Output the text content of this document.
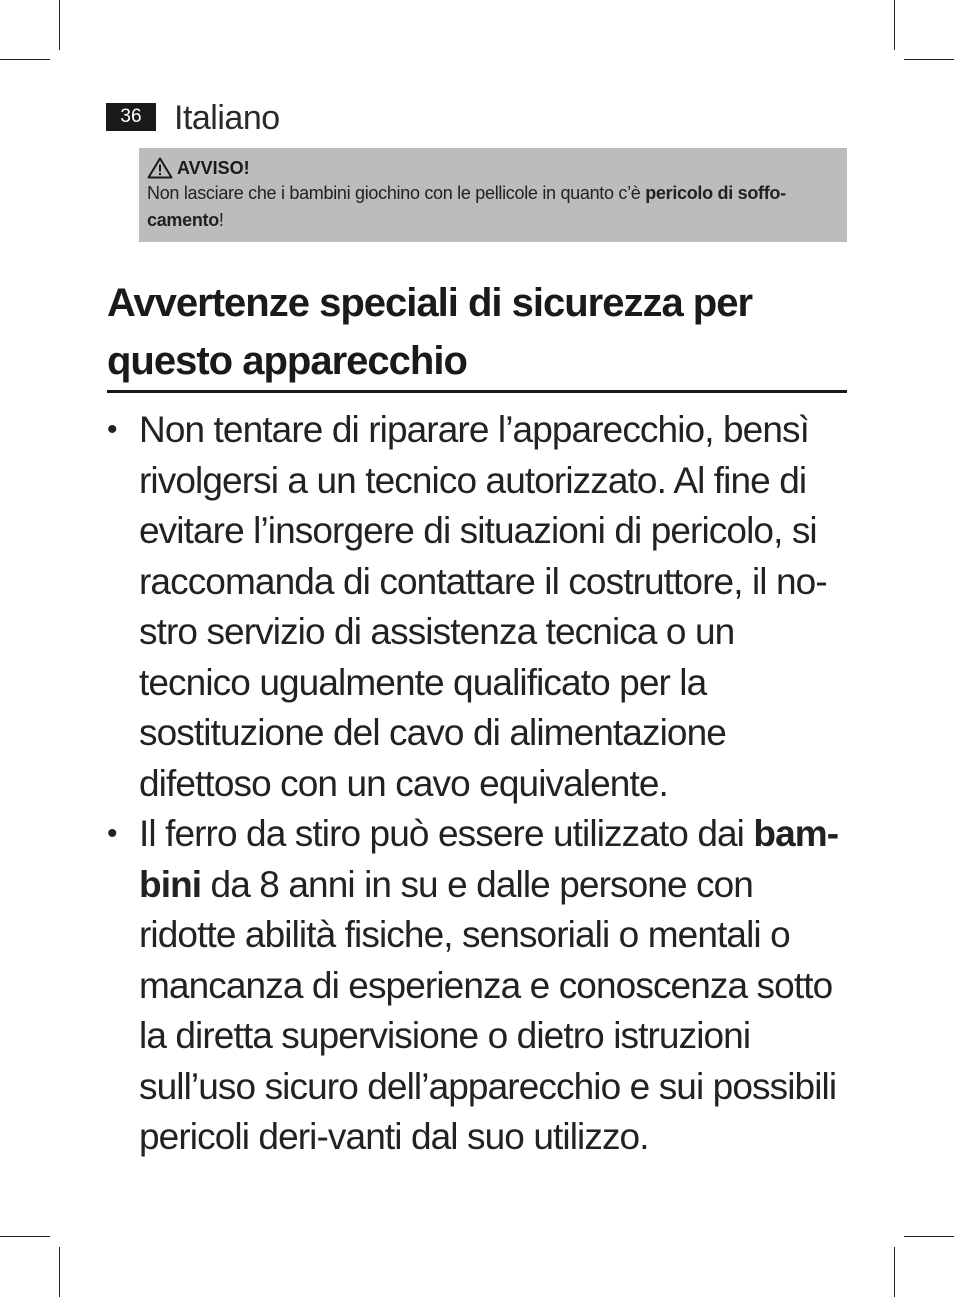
36 Italiano
AVVISO!
Non lasciare che i bambini giochino con le pellicole in quanto c’è pericolo di soffo-camento!
Avvertenze speciali di sicurezza per questo apparecchio
• Non tentare di riparare l’apparecchio, bensì rivolgersi a un tecnico autorizzato. Al fine di evitare l’insorgere di situazioni di pericolo, si raccomanda di contattare il costruttore, il no-stro servizio di assistenza tecnica o un tecnico ugualmente qualificato per la sostituzione del cavo di alimentazione difettoso con un cavo equivalente.
• Il ferro da stiro può essere utilizzato dai bam-bini da 8 anni in su e dalle persone con ridotte abilità fisiche, sensoriali o mentali o mancanza di esperienza e conoscenza sotto la diretta supervisione o dietro istruzioni sull’uso sicuro dell’apparecchio e sui possibili pericoli deri-vanti dal suo utilizzo.
